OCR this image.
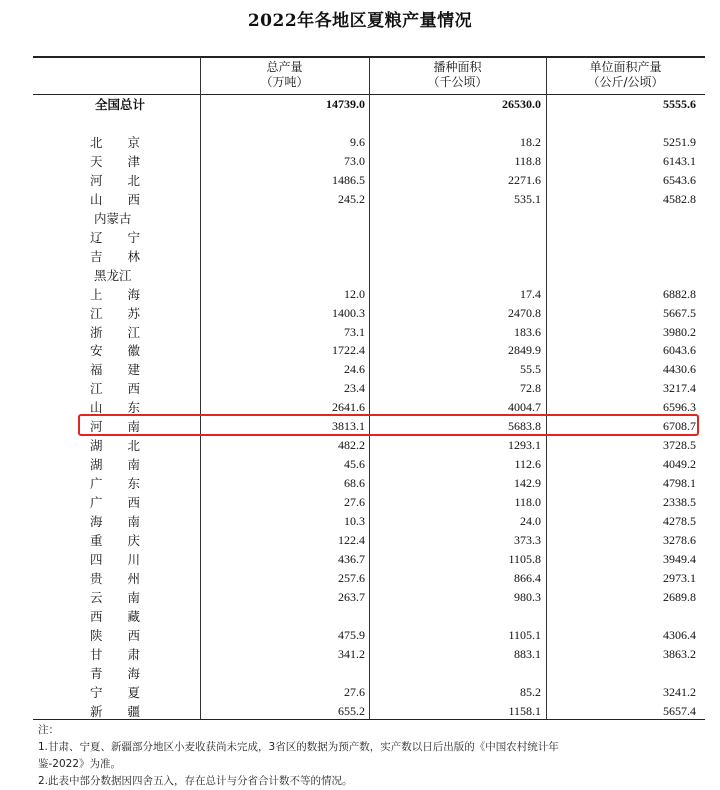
2022年各地区夏粮产量情况
总产量
（万吨）
播种面积
（千公顷）
单位面积产量
（公斤/公顷）
全国总计	14739.0	26530.0	5555.6
北　　京	9.6	18.2	5251.9
天　　津	73.0	118.8	6143.1
河　　北	1486.5	2271.6	6543.6
山　　西	245.2	535.1	4582.8
内蒙古
辽　　宁
吉　　林
黑龙江
上　　海	12.0	17.4	6882.8
江　　苏	1400.3	2470.8	5667.5
浙　　江	73.1	183.6	3980.2
安　　徽	1722.4	2849.9	6043.6
福　　建	24.6	55.5	4430.6
江　　西	23.4	72.8	3217.4
山　　东	2641.6	4004.7	6596.3
河　　南	3813.1	5683.8	6708.7
湖　　北	482.2	1293.1	3728.5
湖　　南	45.6	112.6	4049.2
广　　东	68.6	142.9	4798.1
广　　西	27.6	118.0	2338.5
海　　南	10.3	24.0	4278.5
重　　庆	122.4	373.3	3278.6
四　　川	436.7	1105.8	3949.4
贵　　州	257.6	866.4	2973.1
云　　南	263.7	980.3	2689.8
西　　藏
陕　　西	475.9	1105.1	4306.4
甘　　肃	341.2	883.1	3863.2
青　　海
宁　　夏	27.6	85.2	3241.2
新　　疆	655.2	1158.1	5657.4
注：
1.甘肃、宁夏、新疆部分地区小麦收获尚未完成，3省区的数据为预产数，实产数以日后出版的《中国农村统计年
鉴-2022》为准。
2.此表中部分数据因四舍五入，存在总计与分省合计数不等的情况。
